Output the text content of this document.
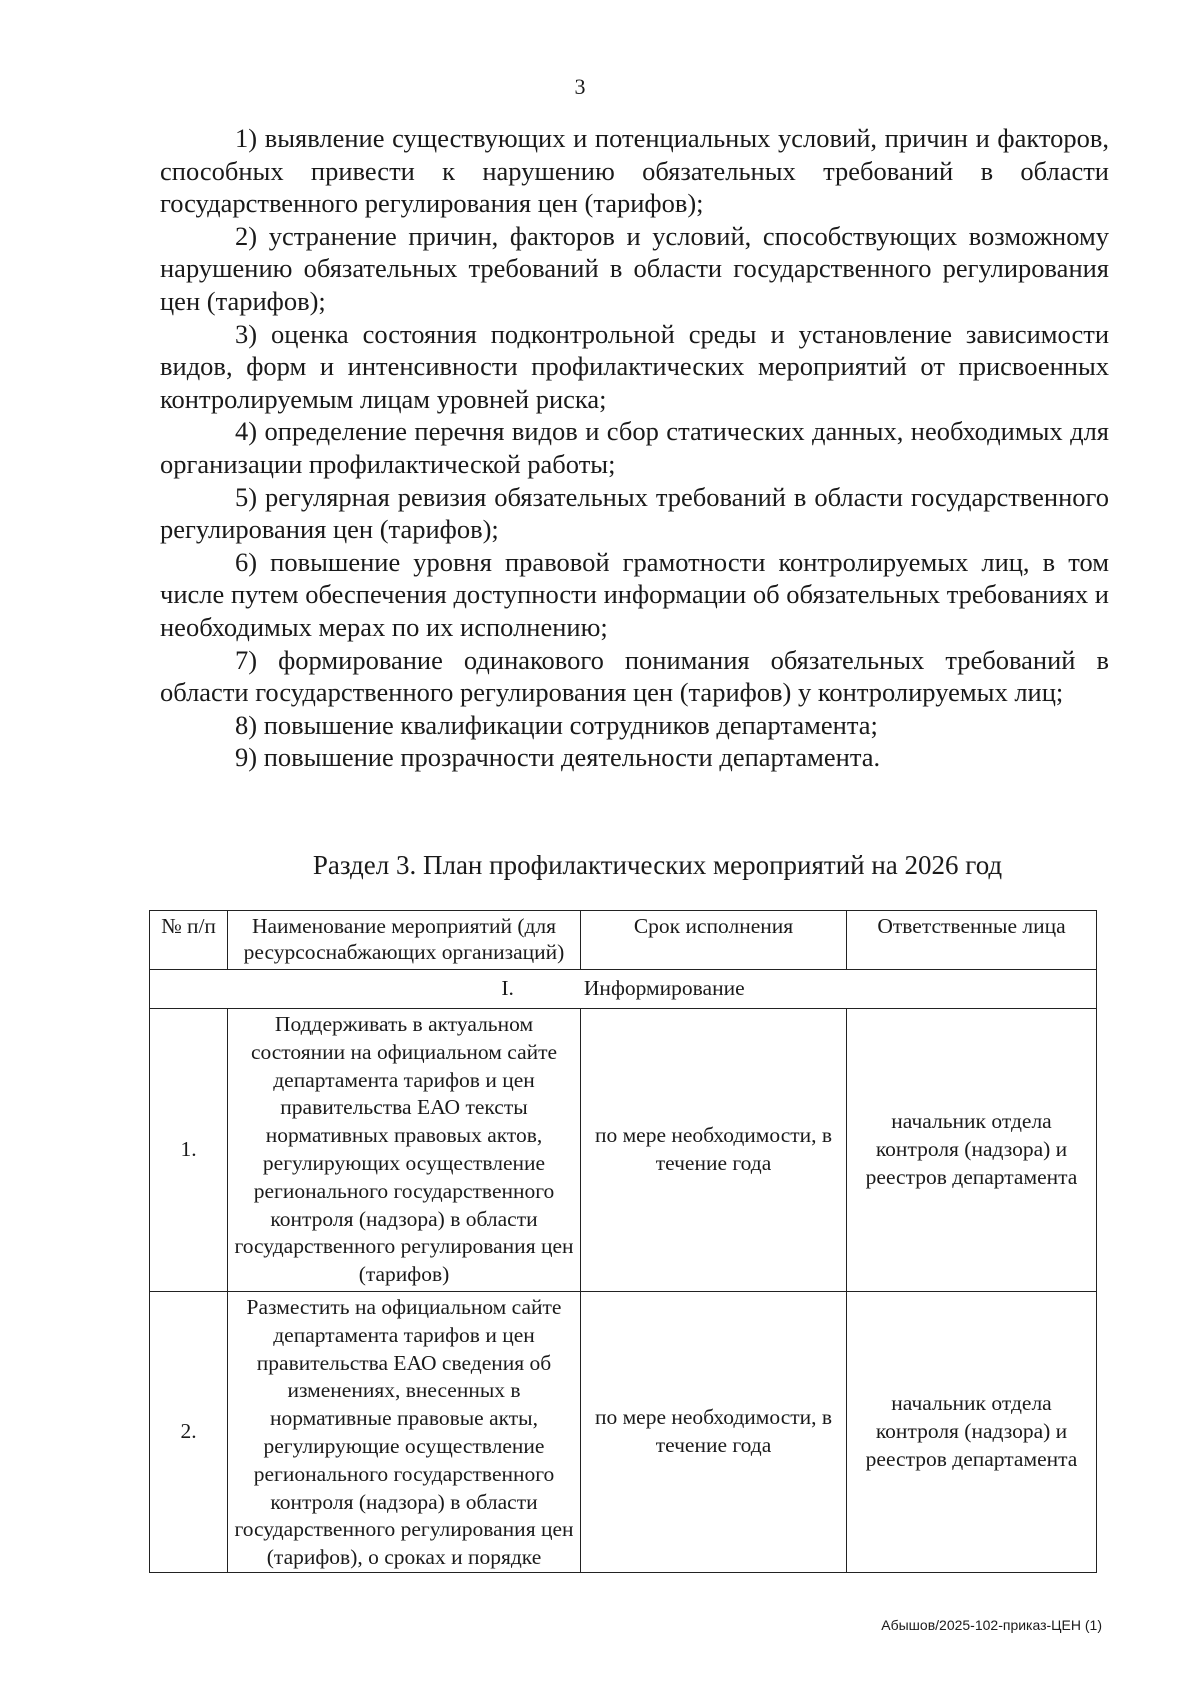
3

1) выявление существующих и потенциальных условий, причин и факторов, способных привести к нарушению обязательных требований в области государственного регулирования цен (тарифов);

2) устранение причин, факторов и условий, способствующих возможному нарушению обязательных требований в области государственного регулирования цен (тарифов);

3) оценка состояния подконтрольной среды и установление зависимости видов, форм и интенсивности профилактических мероприятий от присвоенных контролируемым лицам уровней риска;

4) определение перечня видов и сбор статических данных, необходимых для организации профилактической работы;

5) регулярная ревизия обязательных требований в области государственного регулирования цен (тарифов);

6) повышение уровня правовой грамотности контролируемых лиц, в том числе путем обеспечения доступности информации об обязательных требованиях и необходимых мерах по их исполнению;

7) формирование одинакового понимания обязательных требований в области государственного регулирования цен (тарифов) у контролируемых лиц;

8) повышение квалификации сотрудников департамента;

9) повышение прозрачности деятельности департамента.

Раздел 3. План профилактических мероприятий на 2026 год
№ п/п	Наименование мероприятий (для ресурсоснабжающих организаций)	Срок исполнения	Ответственные лица
I. Информирование			
1.	Поддерживать в актуальном состоянии на официальном сайте департамента тарифов и цен правительства ЕАО тексты нормативных правовых актов, регулирующих осуществление регионального государственного контроля (надзора) в области государственного регулирования цен (тарифов)	по мере необходимости, в течение года	начальник отдела контроля (надзора) и реестров департамента
2.	Разместить на официальном сайте департамента тарифов и цен правительства ЕАО сведения об изменениях, внесенных в нормативные правовые акты, регулирующие осуществление регионального государственного контроля (надзора) в области государственного регулирования цен (тарифов), о сроках и порядке	по мере необходимости, в течение года	начальник отдела контроля (надзора) и реестров департамента
Абышов/2025-102-приказ-ЦЕН (1)
